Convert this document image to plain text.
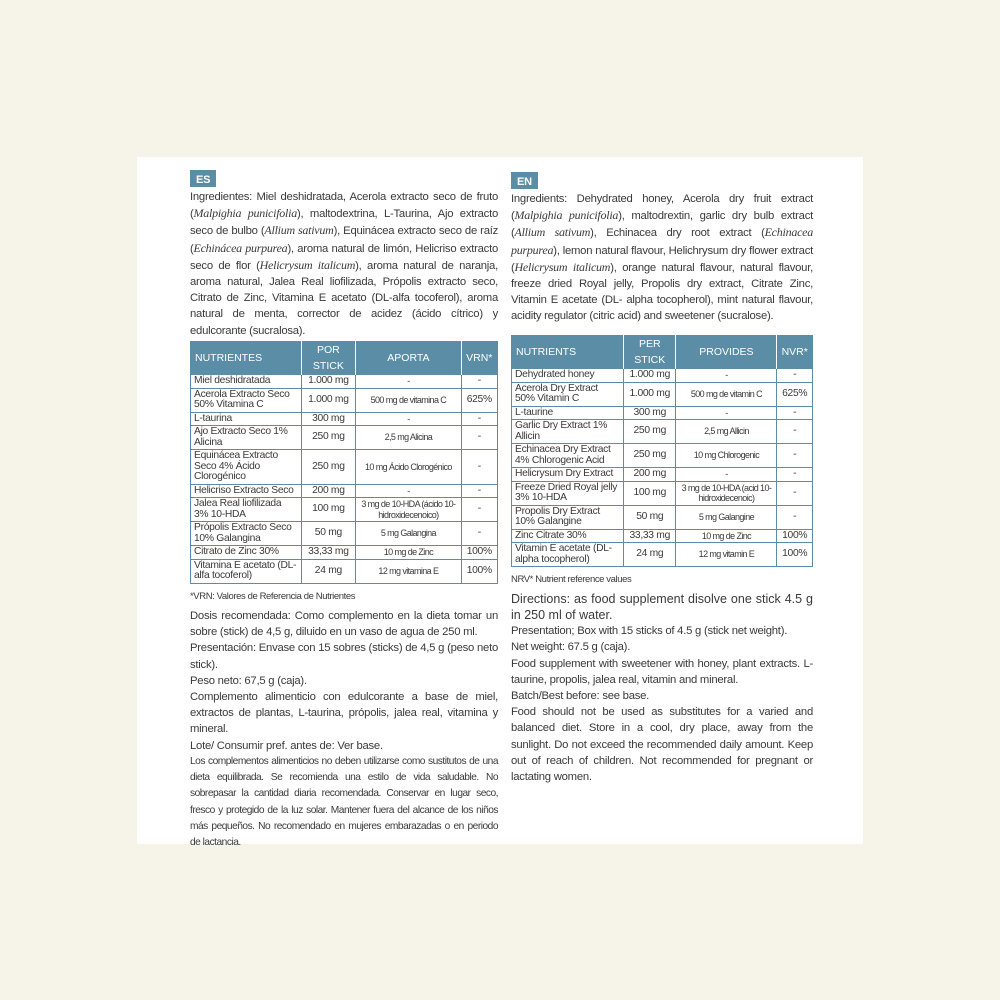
ES

Ingredientes: Miel deshidratada, Acerola extracto seco de fruto (Malpighia punicifolia), maltodextrina, L-Taurina, Ajo extracto seco de bulbo (Allium sativum), Equináceа extracto seco de raíz (Echinácea purpurea), aroma natural de limón, Helicriso extracto seco de flor (Helicrysum italicum), aroma natural de naranja, aroma natural, Jalea Real liofilizada, Própolis extracto seco, Citrato de Zinc, Vitamina E acetato (DL-alfa tocoferol), aroma natural de menta, corrector de acidez (ácido cítrico) y edulcorante (sucralosa).

NUTRIENTES	POR STICK	APORTA	VRN*
Miel deshidratada	1.000 mg	-	-
Acerola Extracto Seco 50% Vitamina C	1.000 mg	500 mg de vitamina C	625%
L-taurina	300 mg	-	-
Ajo Extracto Seco 1% Alicina	250 mg	2,5 mg Alicina	-
Equinácea Extracto Seco 4% Ácido Clorogénico	250 mg	10 mg Ácido Clorogénico	-
Helicriso Extracto Seco	200 mg	-	-
Jalea Real liofilizada 3% 10-HDA	100 mg	3 mg de 10-HDA (ácido 10-hidroxidecenoico)	-
Própolis Extracto Seco 10% Galangina	50 mg	5 mg Galangina	-
Citrato de Zinc 30%	33,33 mg	10 mg de Zinc	100%
Vitamina E acetato (DL-alfa tocoferol)	24 mg	12 mg vitamina E	100%
*VRN: Valores de Referencia de Nutrientes

Dosis recomendada: Como complemento en la dieta tomar un sobre (stick) de 4,5 g, diluido en un vaso de agua de 250 ml.

Presentación: Envase con 15 sobres (sticks) de 4,5 g (peso neto stick).

Peso neto: 67,5 g (caja).

Complemento alimenticio con edulcorante a base de miel, extractos de plantas, L-taurina, própolis, jalea real, vitamina y mineral.

Lote/ Consumir pref. antes de: Ver base.

Los complementos alimenticios no deben utilizarse como sustitutos de una dieta equilibrada. Se recomienda una estilo de vida saludable. No sobrepasar la cantidad diaria recomendada. Conservar en lugar seco, fresco y protegido de la luz solar. Mantener fuera del alcance de los niños más pequeños. No recomendado en mujeres embarazadas o en periodo de lactancia.

EN

Ingredients: Dehydrated honey, Acerola dry fruit extract (Malpighia punicifolia), maltodrextin, garlic dry bulb extract (Allium sativum), Echinacea dry root extract (Echinacea purpurea), lemon natural flavour, Helichrysum dry flower extract (Helicrysum italicum), orange natural flavour, natural flavour, freeze dried Royal jelly, Propolis dry extract, Citrate Zinc, Vitamin E acetate (DL- alpha tocopherol), mint natural flavour, acidity regulator (citric acid) and sweetener (sucralose).

NUTRIENTS	PER STICK	PROVIDES	NVR*
Dehydrated honey	1.000 mg	-	-
Acerola Dry Extract 50% Vitamin C	1.000 mg	500 mg de vitamin C	625%
L-taurine	300 mg	-	-
Garlic Dry Extract 1% Allicin	250 mg	2,5 mg Allicin	-
Echinacea Dry Extract 4% Chlorogenic Acid	250 mg	10 mg Chlorogenic	-
Helicrysum Dry Extract	200 mg	-	-
Freeze Dried Royal jelly 3% 10-HDA	100 mg	3 mg de 10-HDA (acid 10-hidroxidecenoic)	-
Propolis Dry Extract 10% Galangine	50 mg	5 mg Galangine	-
Zinc Citrate 30%	33,33 mg	10 mg de Zinc	100%
Vitamin E acetate (DL-alpha tocopherol)	24 mg	12 mg vitamin E	100%
NRV* Nutrient reference values

Directions: as food supplement disolve one stick 4.5 g in 250 ml of water.

Presentation; Box with 15 sticks of 4.5 g (stick net weight).

Net weight: 67.5 g (caja).

Food supplement with sweetener with honey, plant extracts. L-taurine, propolis, jalea real, vitamin and mineral.

Batch/Best before: see base.

Food should not be used as substitutes for a varied and balanced diet. Store in a cool, dry place, away from the sunlight. Do not exceed the recommended daily amount. Keep out of reach of children. Not recommended for pregnant or lactating women.
